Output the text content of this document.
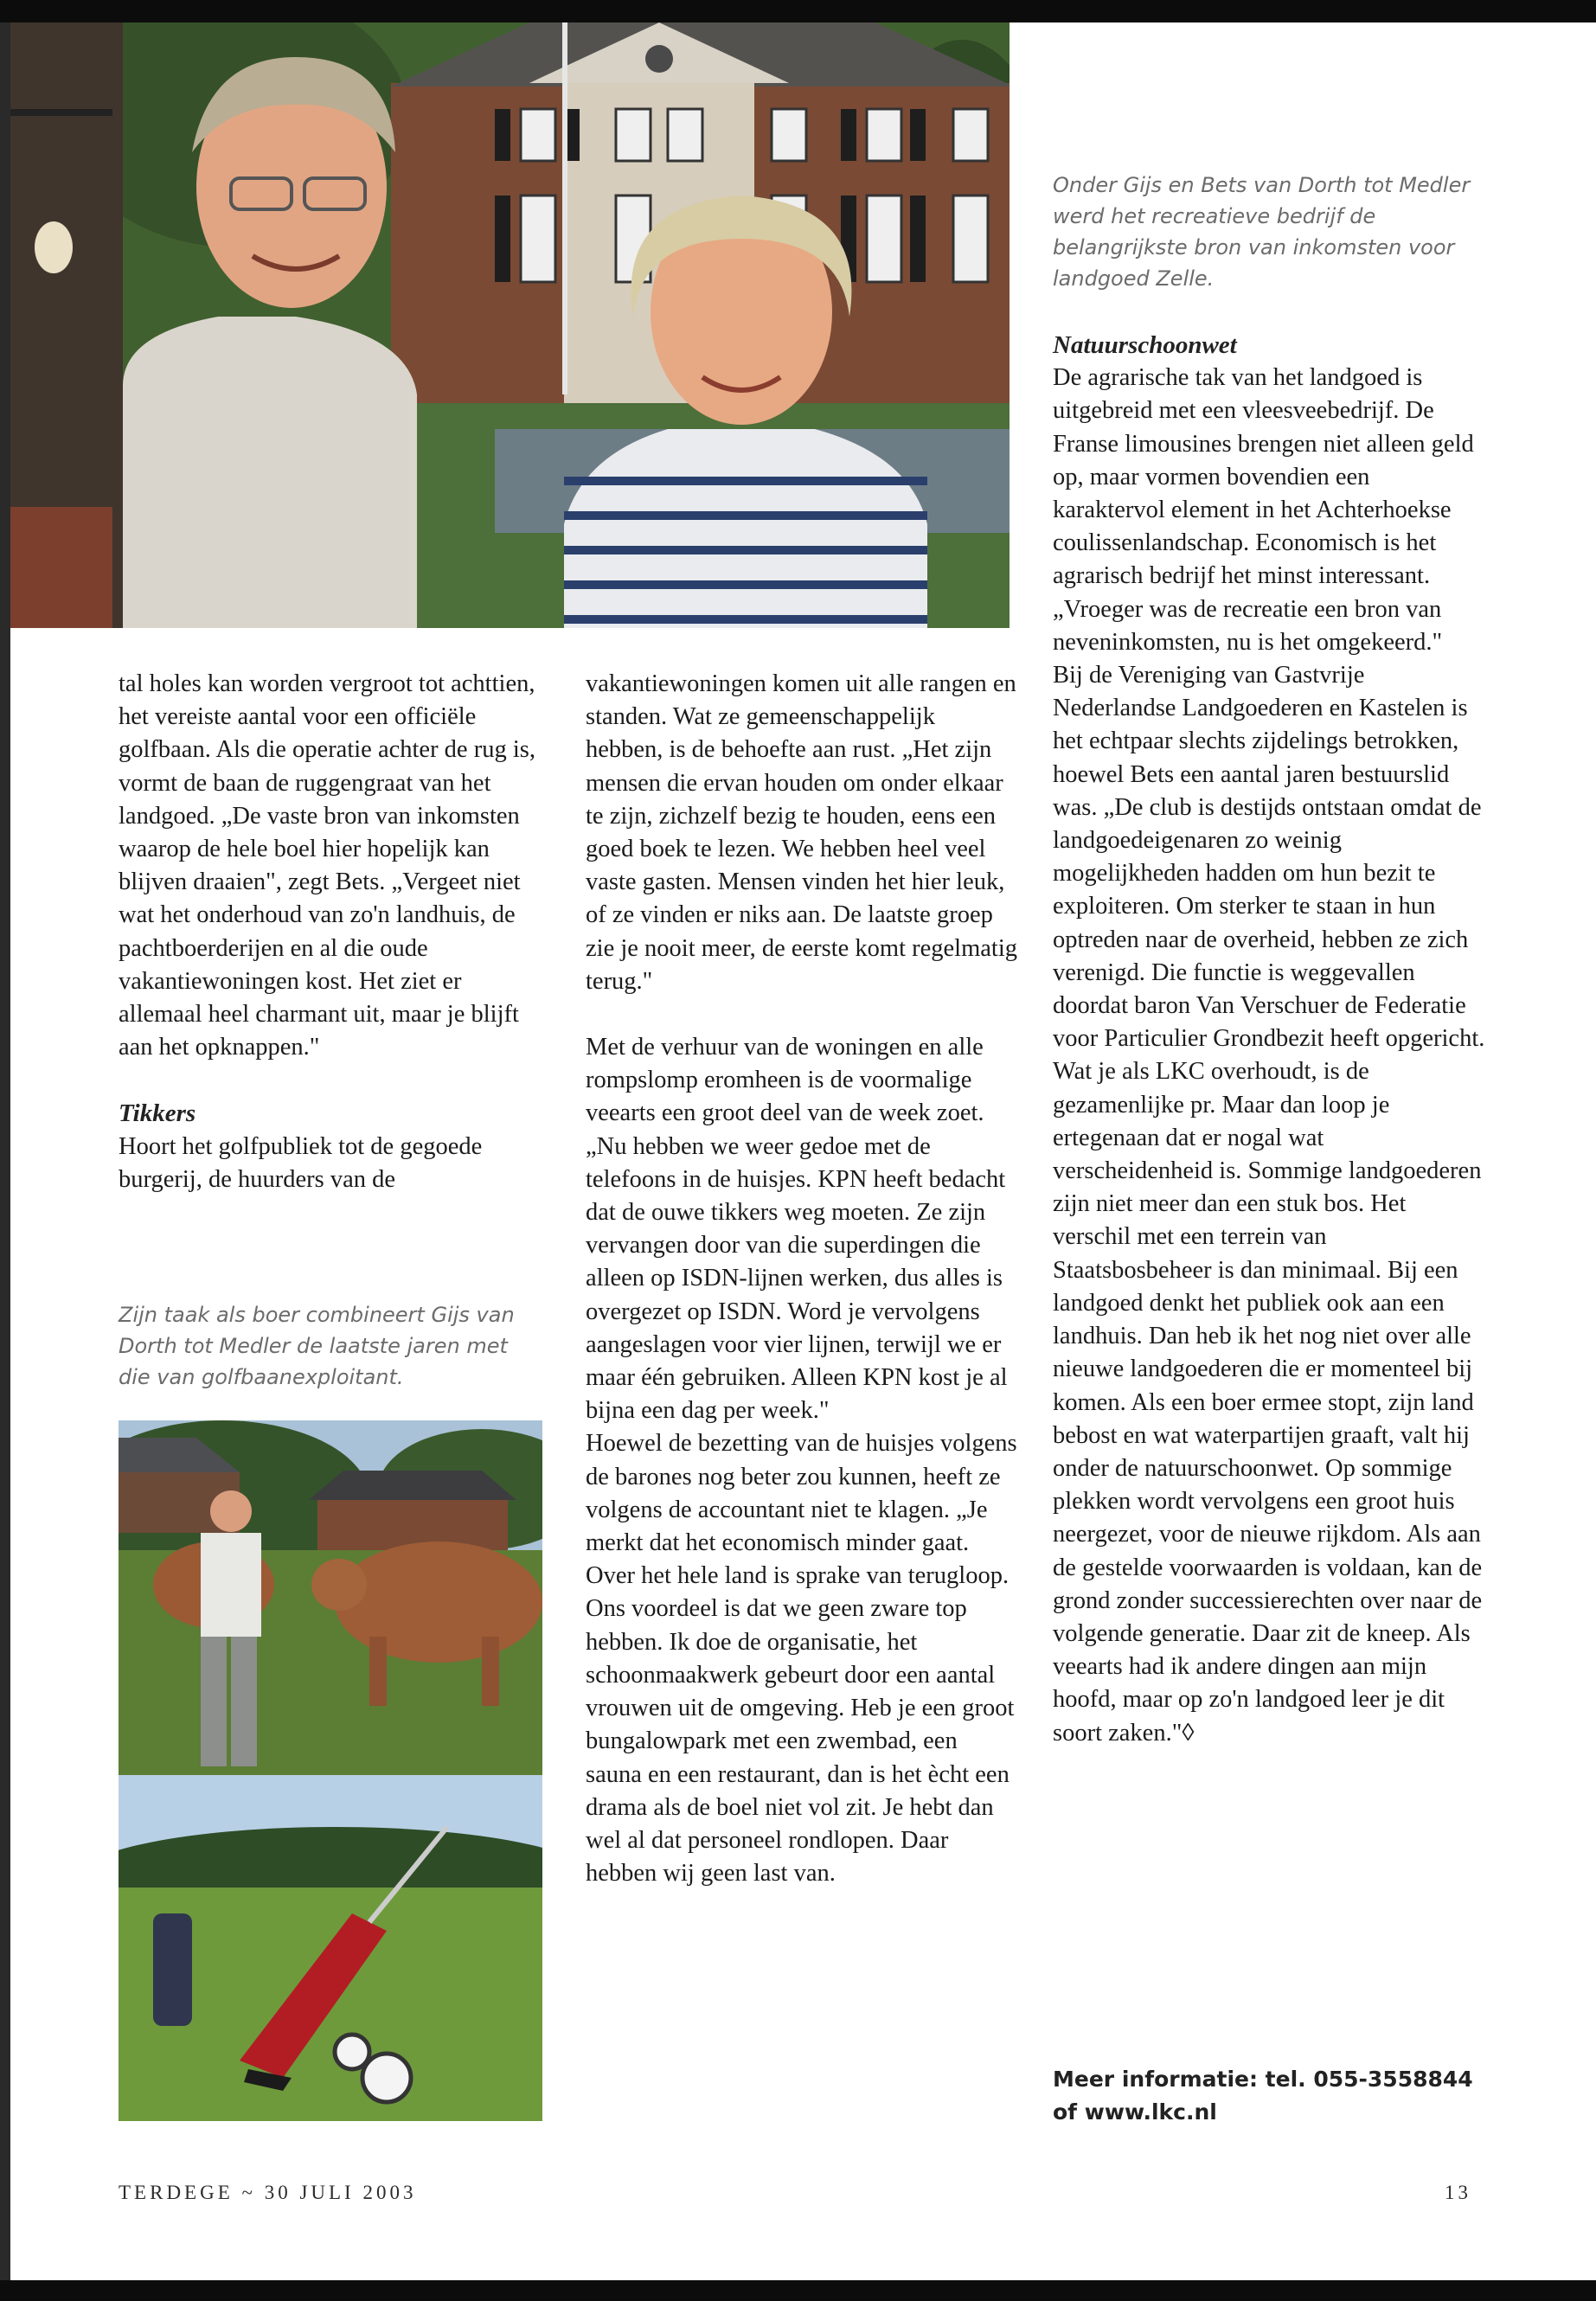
Onder Gijs en Bets van Dorth tot Medler werd het recreatieve bedrijf de belangrijkste bron van inkomsten voor landgoed Zelle.

tal holes kan worden vergroot tot achttien, het vereiste aantal voor een officiële golfbaan. Als die operatie achter de rug is, vormt de baan de ruggengraat van het landgoed. „De vaste bron van inkomsten waarop de hele boel hier hopelijk kan blijven draaien", zegt Bets. „Vergeet niet wat het onderhoud van zo'n landhuis, de pachtboerderijen en al die oude vakantiewoningen kost. Het ziet er allemaal heel charmant uit, maar je blijft aan het opknappen."

Tikkers

Hoort het golfpubliek tot de gegoede burgerij, de huurders van de

Zijn taak als boer combineert Gijs van Dorth tot Medler de laatste jaren met die van golfbaanexploitant.

vakantiewoningen komen uit alle rangen en standen. Wat ze gemeenschappelijk hebben, is de behoefte aan rust. „Het zijn mensen die ervan houden om onder elkaar te zijn, zichzelf bezig te houden, eens een goed boek te lezen. We hebben heel veel vaste gasten. Mensen vinden het hier leuk, of ze vinden er niks aan. De laatste groep zie je nooit meer, de eerste komt regelmatig terug."

Met de verhuur van de woningen en alle rompslomp eromheen is de voormalige veearts een groot deel van de week zoet. „Nu hebben we weer gedoe met de telefoons in de huisjes. KPN heeft bedacht dat de ouwe tikkers weg moeten. Ze zijn vervangen door van die superdingen die alleen op ISDN-lijnen werken, dus alles is overgezet op ISDN. Word je vervolgens aangeslagen voor vier lijnen, terwijl we er maar één gebruiken. Alleen KPN kost je al bijna een dag per week."

Hoewel de bezetting van de huisjes volgens de barones nog beter zou kunnen, heeft ze volgens de accountant niet te klagen. „Je merkt dat het economisch minder gaat. Over het hele land is sprake van terugloop. Ons voordeel is dat we geen zware top hebben. Ik doe de organisatie, het schoonmaakwerk gebeurt door een aantal vrouwen uit de omgeving. Heb je een groot bungalowpark met een zwembad, een sauna en een restaurant, dan is het ècht een drama als de boel niet vol zit. Je hebt dan wel al dat personeel rondlopen. Daar hebben wij geen last van.

Natuurschoonwet

De agrarische tak van het landgoed is uitgebreid met een vleesveebedrijf. De Franse limousines brengen niet alleen geld op, maar vormen bovendien een karaktervol element in het Achterhoekse coulissenlandschap. Economisch is het agrarisch bedrijf het minst interessant. „Vroeger was de recreatie een bron van neveninkomsten, nu is het omgekeerd."

Bij de Vereniging van Gastvrije Nederlandse Landgoederen en Kastelen is het echtpaar slechts zijdelings betrokken, hoewel Bets een aantal jaren bestuurslid was. „De club is destijds ontstaan omdat de landgoedeigenaren zo weinig mogelijkheden hadden om hun bezit te exploiteren. Om sterker te staan in hun optreden naar de overheid, hebben ze zich verenigd. Die functie is weggevallen doordat baron Van Verschuer de Federatie voor Particulier Grondbezit heeft opgericht. Wat je als LKC overhoudt, is de gezamenlijke pr. Maar dan loop je ertegenaan dat er nogal wat verscheidenheid is. Sommige landgoederen zijn niet meer dan een stuk bos. Het verschil met een terrein van Staatsbosbeheer is dan minimaal. Bij een landgoed denkt het publiek ook aan een landhuis. Dan heb ik het nog niet over alle nieuwe landgoederen die er momenteel bij komen. Als een boer ermee stopt, zijn land bebost en wat waterpartijen graaft, valt hij onder de natuurschoonwet. Op sommige plekken wordt vervolgens een groot huis neergezet, voor de nieuwe rijkdom. Als aan de gestelde voorwaarden is voldaan, kan de grond zonder successierechten over naar de volgende generatie. Daar zit de kneep. Als veearts had ik andere dingen aan mijn hoofd, maar op zo'n landgoed leer je dit soort zaken."◊

Meer informatie: tel. 055-3558844
of www.lkc.nl
TERDEGE ~ 30 JULI 2003	13
